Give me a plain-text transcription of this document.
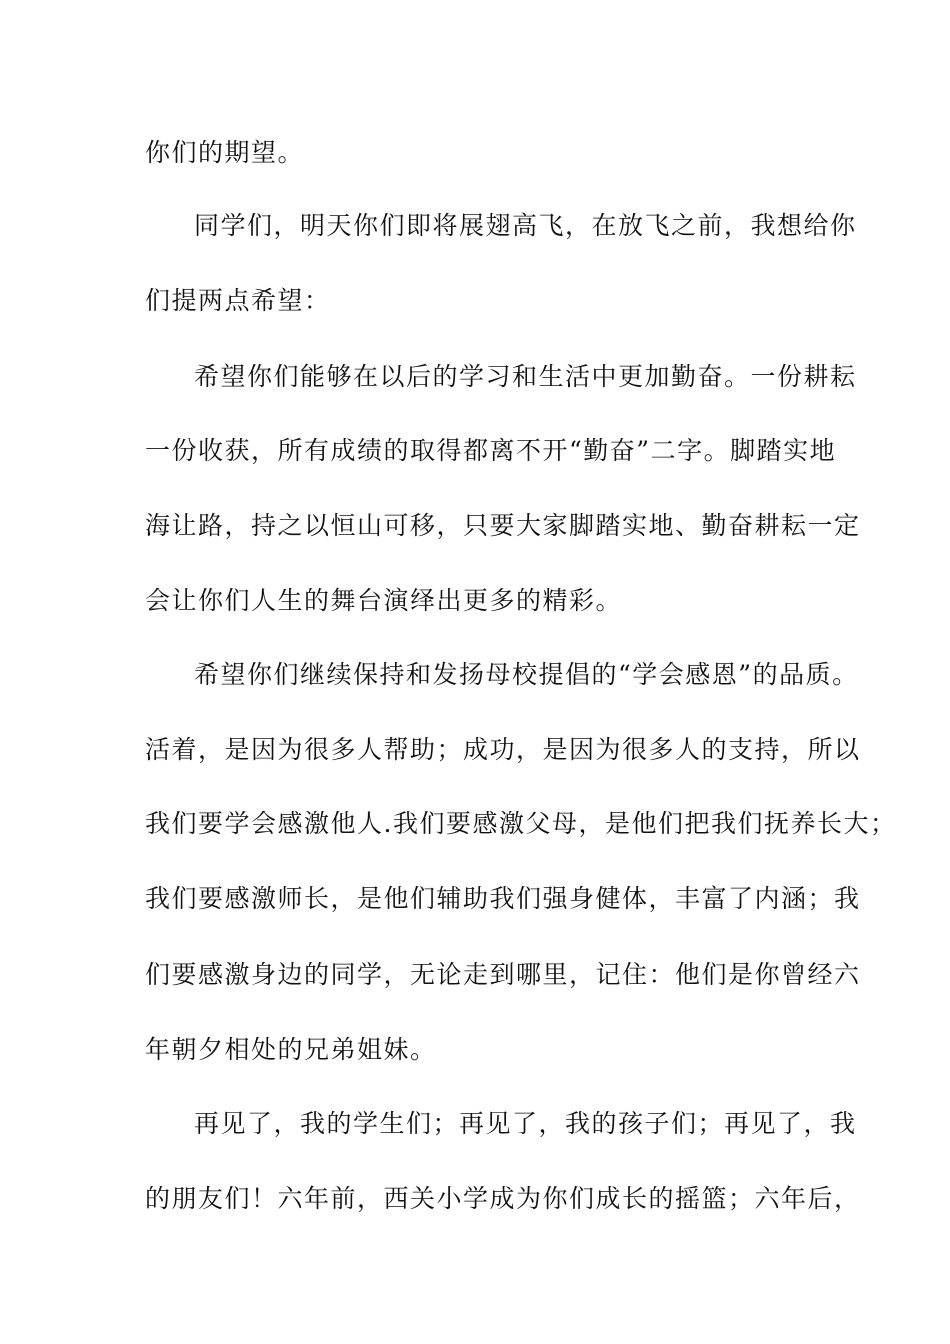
你们的期望。
同学们，明天你们即将展翅高飞，在放飞之前，我想给你
们提两点希望：
希望你们能够在以后的学习和生活中更加勤奋。一份耕耘
一份收获，所有成绩的取得都离不开“勤奋”二字。脚踏实地
海让路，持之以恒山可移，只要大家脚踏实地、勤奋耕耘一定
会让你们人生的舞台演绎出更多的精彩。
希望你们继续保持和发扬母校提倡的“学会感恩”的品质。
活着，是因为很多人帮助；成功，是因为很多人的支持，所以
我们要学会感激他人.我们要感激父母，是他们把我们抚养长大；
我们要感激师长，是他们辅助我们强身健体，丰富了内涵；我
们要感激身边的同学，无论走到哪里，记住：他们是你曾经六
年朝夕相处的兄弟姐妹。
再见了，我的学生们；再见了，我的孩子们；再见了，我
的朋友们！六年前，西关小学成为你们成长的摇篮；六年后，
